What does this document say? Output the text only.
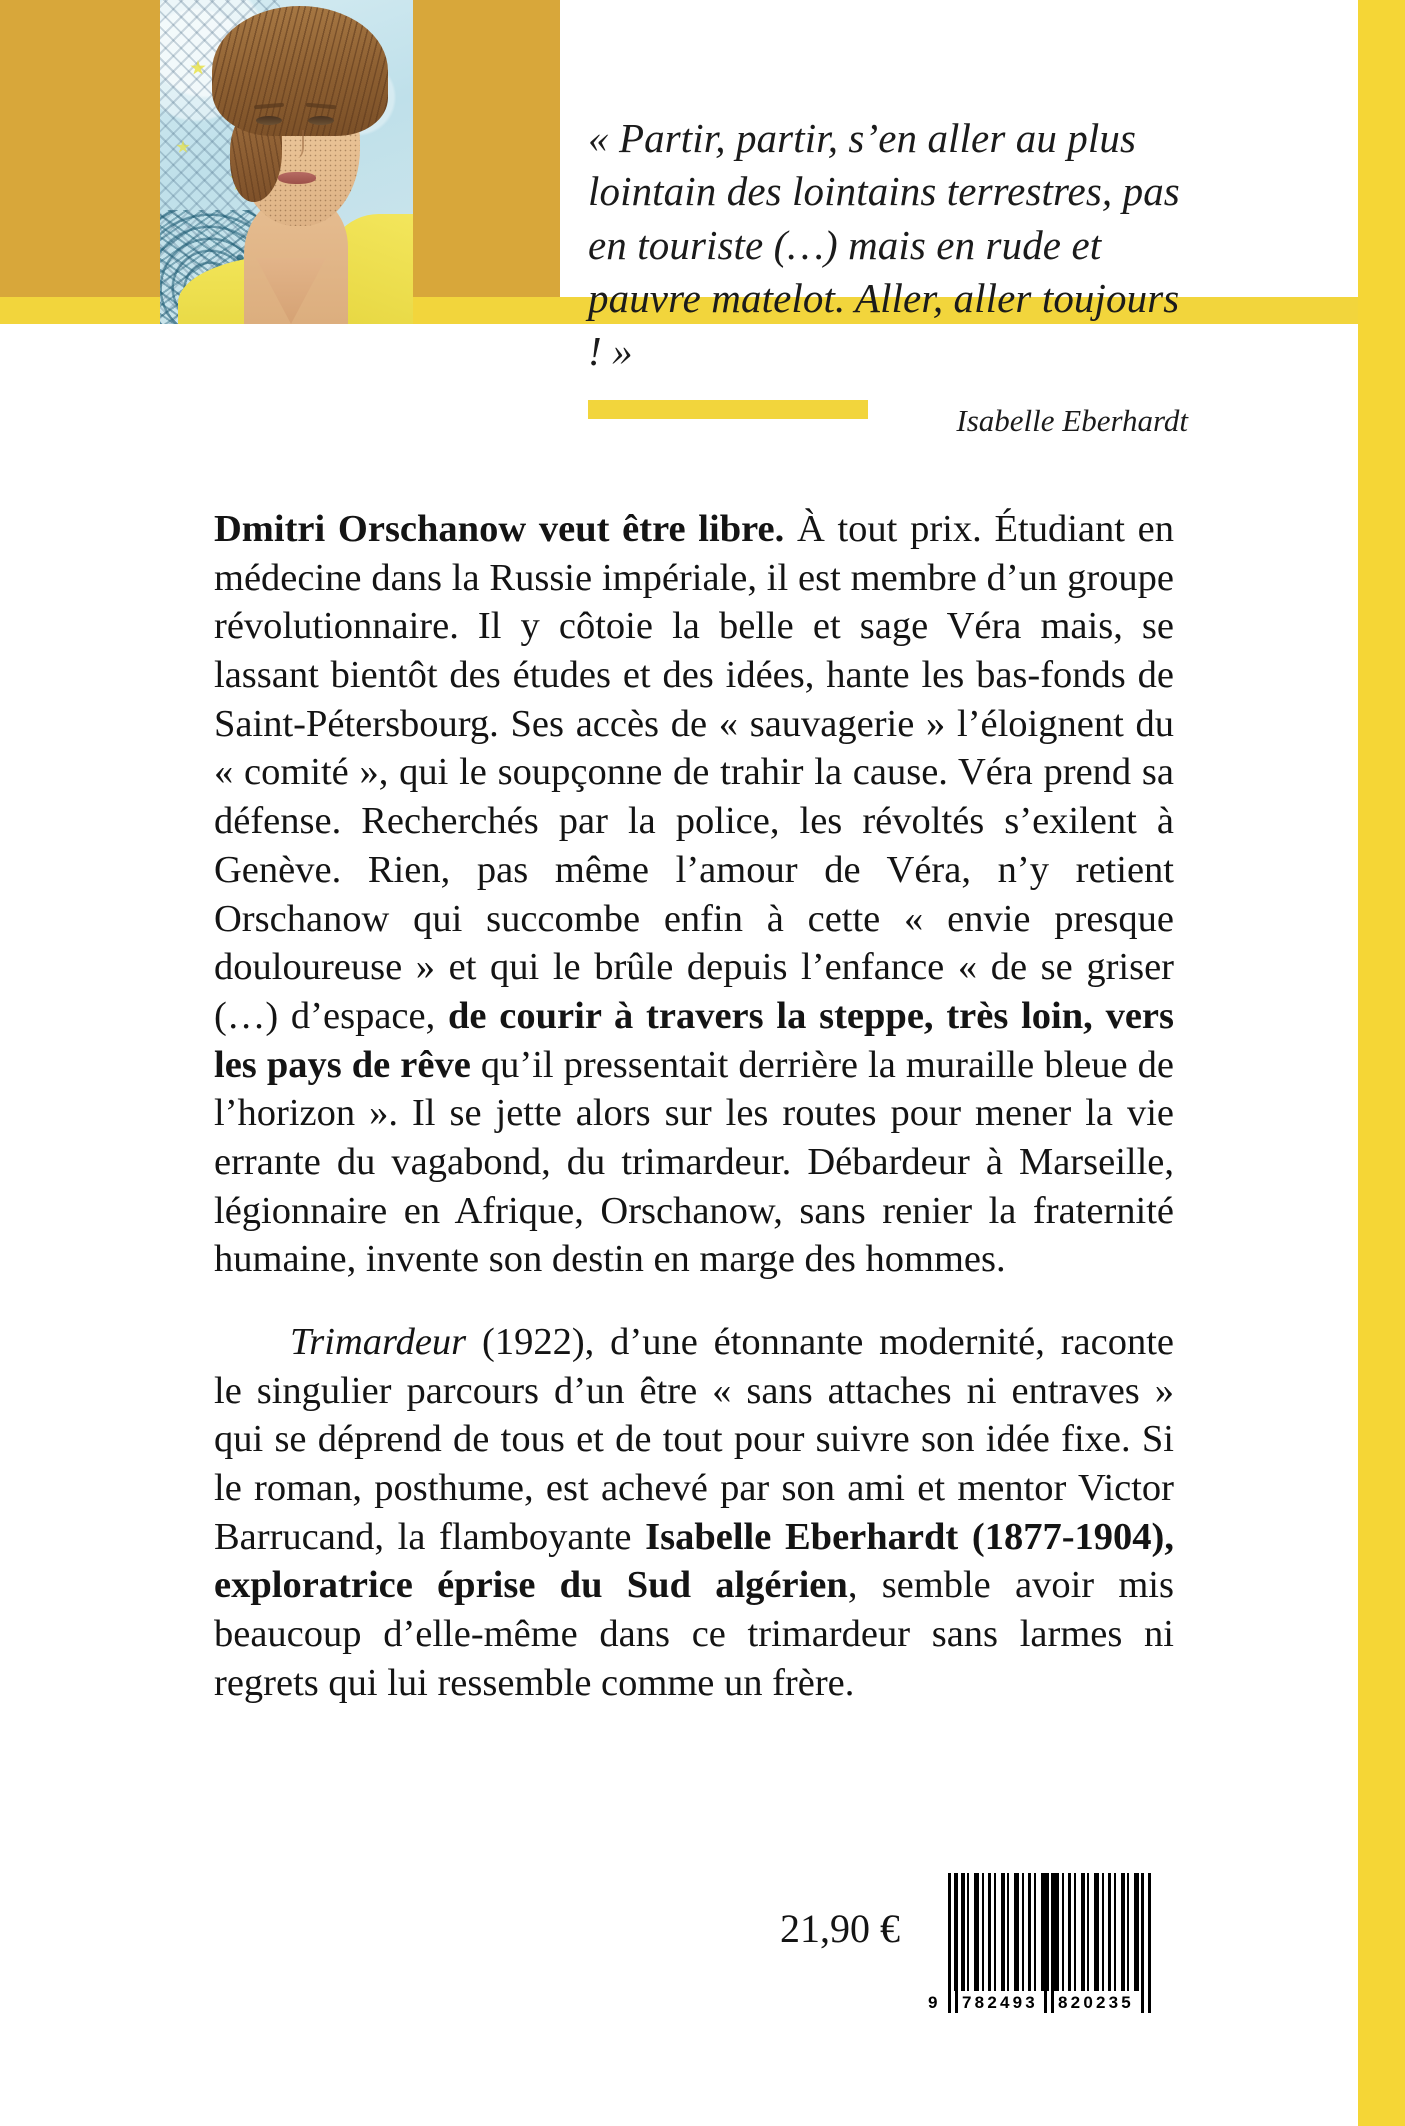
« Partir, partir, s’en aller au plus lointain des lointains terrestres, pas en touriste (…) mais en rude et pauvre matelot. Aller, aller toujours ! »
Isabelle Eberhardt

Dmitri Orschanow veut être libre. À tout prix. Étudiant en médecine dans la Russie impériale, il est membre d’un groupe révolutionnaire. Il y côtoie la belle et sage Véra mais, se lassant bientôt des études et des idées, hante les bas-fonds de Saint-Pétersbourg. Ses accès de « sauvagerie » l’éloignent du « comité », qui le soupçonne de trahir la cause. Véra prend sa défense. Recherchés par la police, les révoltés s’exilent à Genève. Rien, pas même l’amour de Véra, n’y retient Orschanow qui succombe enfin à cette « envie presque douloureuse » et qui le brûle depuis l’enfance « de se griser (…) d’espace, de courir à travers la steppe, très loin, vers les pays de rêve qu’il pressentait derrière la muraille bleue de l’horizon ». Il se jette alors sur les routes pour mener la vie errante du vagabond, du trimardeur. Débardeur à Marseille, légionnaire en Afrique, Orschanow, sans renier la fraternité humaine, invente son destin en marge des hommes.

Trimardeur (1922), d’une étonnante modernité, raconte le singulier parcours d’un être « sans attaches ni entraves » qui se déprend de tous et de tout pour suivre son idée fixe. Si le roman, posthume, est achevé par son ami et mentor Victor Barrucand, la flamboyante Isabelle Eberhardt (1877-1904), exploratrice éprise du Sud algérien, semble avoir mis beaucoup d’elle-même dans ce trimardeur sans larmes ni regrets qui lui ressemble comme un frère.

21,90 €
9	782493	820235
